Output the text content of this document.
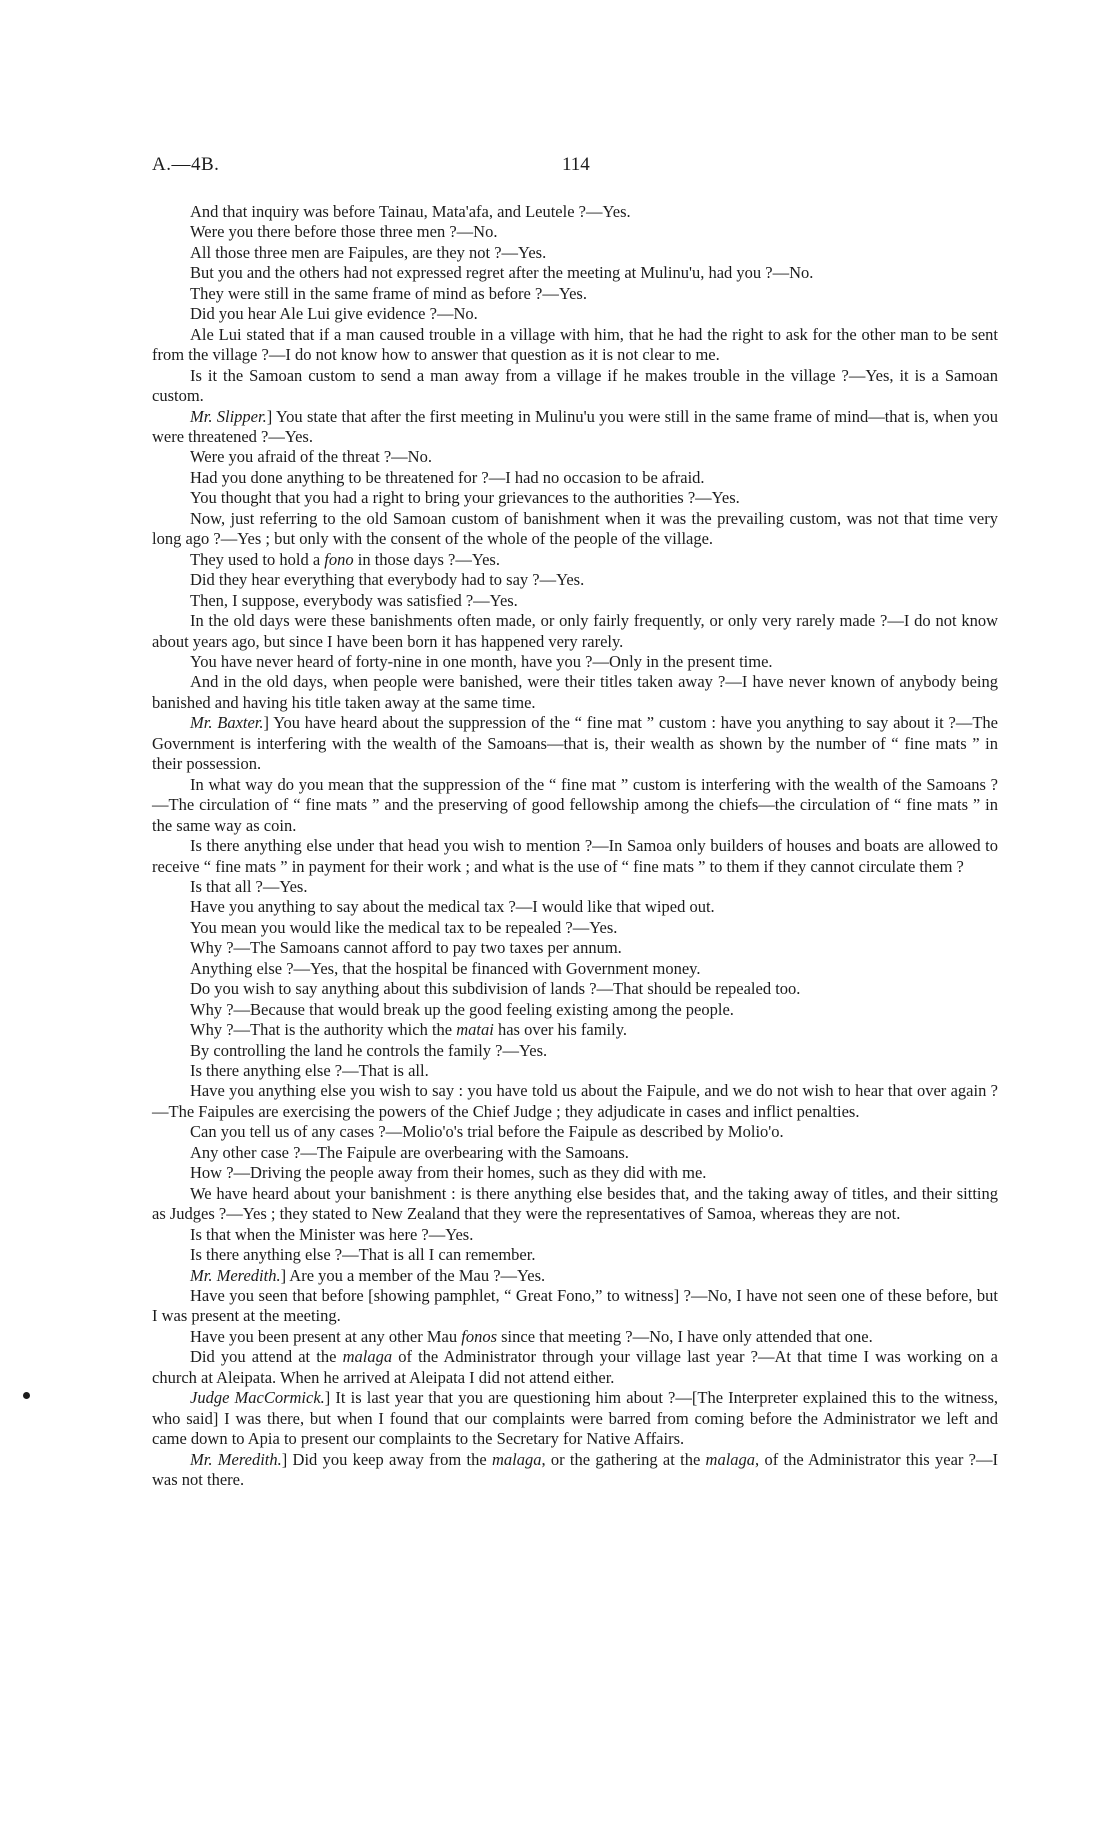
A.—4B.	114

And that inquiry was before Tainau, Mata'afa, and Leutele ?—Yes.

Were you there before those three men ?—No.

All those three men are Faipules, are they not ?—Yes.

But you and the others had not expressed regret after the meeting at Mulinu'u, had you ?—No.

They were still in the same frame of mind as before ?—Yes.

Did you hear Ale Lui give evidence ?—No.

Ale Lui stated that if a man caused trouble in a village with him, that he had the right to ask for the other man to be sent from the village ?—I do not know how to answer that question as it is not clear to me.

Is it the Samoan custom to send a man away from a village if he makes trouble in the village ?—Yes, it is a Samoan custom.

Mr. Slipper.] You state that after the first meeting in Mulinu'u you were still in the same frame of mind—that is, when you were threatened ?—Yes.

Were you afraid of the threat ?—No.

Had you done anything to be threatened for ?—I had no occasion to be afraid.

You thought that you had a right to bring your grievances to the authorities ?—Yes.

Now, just referring to the old Samoan custom of banishment when it was the prevailing custom, was not that time very long ago ?—Yes ; but only with the consent of the whole of the people of the village.

They used to hold a fono in those days ?—Yes.

Did they hear everything that everybody had to say ?—Yes.

Then, I suppose, everybody was satisfied ?—Yes.

In the old days were these banishments often made, or only fairly frequently, or only very rarely made ?—I do not know about years ago, but since I have been born it has happened very rarely.

You have never heard of forty-nine in one month, have you ?—Only in the present time.

And in the old days, when people were banished, were their titles taken away ?—I have never known of anybody being banished and having his title taken away at the same time.

Mr. Baxter.] You have heard about the suppression of the “ fine mat ” custom : have you anything to say about it ?—The Government is interfering with the wealth of the Samoans—that is, their wealth as shown by the number of “ fine mats ” in their possession.

In what way do you mean that the suppression of the “ fine mat ” custom is interfering with the wealth of the Samoans ?—The circulation of “ fine mats ” and the preserving of good fellowship among the chiefs—the circulation of “ fine mats ” in the same way as coin.

Is there anything else under that head you wish to mention ?—In Samoa only builders of houses and boats are allowed to receive “ fine mats ” in payment for their work ; and what is the use of “ fine mats ” to them if they cannot circulate them ?

Is that all ?—Yes.

Have you anything to say about the medical tax ?—I would like that wiped out.

You mean you would like the medical tax to be repealed ?—Yes.

Why ?—The Samoans cannot afford to pay two taxes per annum.

Anything else ?—Yes, that the hospital be financed with Government money.

Do you wish to say anything about this subdivision of lands ?—That should be repealed too.

Why ?—Because that would break up the good feeling existing among the people.

Why ?—That is the authority which the matai has over his family.

By controlling the land he controls the family ?—Yes.

Is there anything else ?—That is all.

Have you anything else you wish to say : you have told us about the Faipule, and we do not wish to hear that over again ?—The Faipules are exercising the powers of the Chief Judge ; they adjudicate in cases and inflict penalties.

Can you tell us of any cases ?—Molio'o's trial before the Faipule as described by Molio'o.

Any other case ?—The Faipule are overbearing with the Samoans.

How ?—Driving the people away from their homes, such as they did with me.

We have heard about your banishment : is there anything else besides that, and the taking away of titles, and their sitting as Judges ?—Yes ; they stated to New Zealand that they were the representatives of Samoa, whereas they are not.

Is that when the Minister was here ?—Yes.

Is there anything else ?—That is all I can remember.

Mr. Meredith.] Are you a member of the Mau ?—Yes.

Have you seen that before [showing pamphlet, “ Great Fono,” to witness] ?—No, I have not seen one of these before, but I was present at the meeting.

Have you been present at any other Mau fonos since that meeting ?—No, I have only attended that one.

Did you attend at the malaga of the Administrator through your village last year ?—At that time I was working on a church at Aleipata. When he arrived at Aleipata I did not attend either.

Judge MacCormick.] It is last year that you are questioning him about ?—[The Interpreter explained this to the witness, who said] I was there, but when I found that our complaints were barred from coming before the Administrator we left and came down to Apia to present our complaints to the Secretary for Native Affairs.

Mr. Meredith.] Did you keep away from the malaga, or the gathering at the malaga, of the Administrator this year ?—I was not there.
